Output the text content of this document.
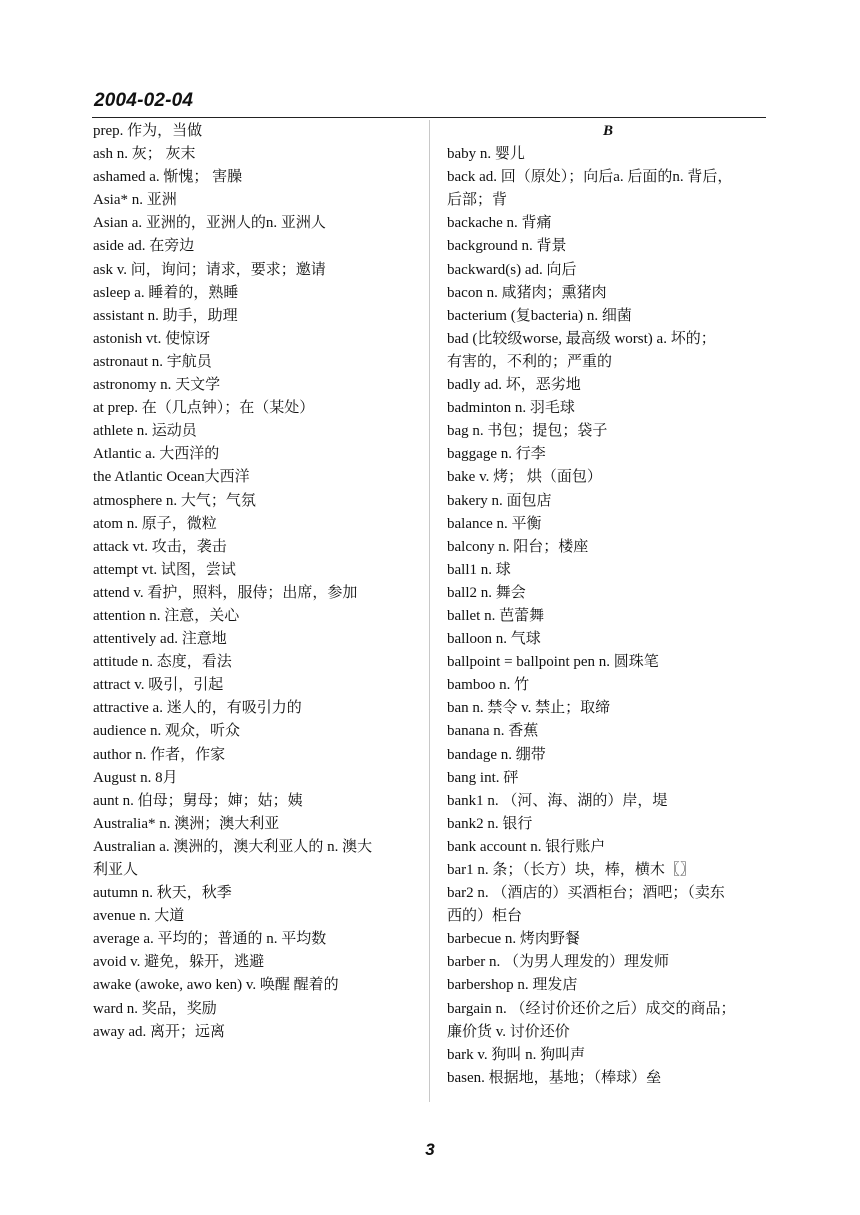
2004-02-04
prep. 作为，当做
ash n. 灰； 灰末
ashamed a. 惭愧； 害臊
Asia* n. 亚洲
Asian a. 亚洲的，亚洲人的n. 亚洲人
aside ad. 在旁边
ask v. 问，询问；请求，要求；邀请
asleep a. 睡着的，熟睡
assistant n. 助手，助理
astonish vt. 使惊讶
astronaut n. 宇航员
astronomy n. 天文学
at prep. 在（几点钟）；在（某处）
athlete n. 运动员
Atlantic a. 大西洋的
the Atlantic Ocean大西洋
atmosphere n. 大气；气氛
atom n. 原子，微粒
attack vt. 攻击，袭击
attempt vt. 试图，尝试
attend v. 看护，照料，服侍；出席，参加
attention n. 注意，关心
attentively ad. 注意地
attitude n. 态度，看法
attract v. 吸引，引起
attractive a. 迷人的，有吸引力的
audience n. 观众，听众
author n. 作者，作家
August n. 8月
aunt n. 伯母；舅母；婶；姑；姨
Australia* n. 澳洲；澳大利亚
Australian a. 澳洲的，澳大利亚人的 n. 澳大
利亚人
autumn n. 秋天，秋季
avenue n. 大道
average a. 平均的；普通的 n. 平均数
avoid v. 避免，躲开，逃避
awake (awoke, awo ken) v. 唤醒 醒着的
ward n. 奖品，奖励
away ad. 离开；远离
B
baby n. 婴儿
back ad. 回（原处）；向后a. 后面的n. 背后，
后部；背
backache n. 背痛
background n. 背景
backward(s) ad. 向后
bacon n. 咸猪肉；熏猪肉
bacterium (复bacteria) n. 细菌
bad (比较级worse, 最高级 worst) a. 坏的；
有害的，不利的；严重的
badly ad. 坏，恶劣地
badminton n. 羽毛球
bag n. 书包；提包；袋子
baggage n. 行李
bake v. 烤； 烘（面包）
bakery n. 面包店
balance n. 平衡
balcony n. 阳台；楼座
ball1 n. 球
ball2 n. 舞会
ballet n. 芭蕾舞
balloon n. 气球
ballpoint = ballpoint pen n. 圆珠笔
bamboo n. 竹
ban n. 禁令 v. 禁止；取缔
banana n. 香蕉
bandage n. 绷带
bang int. 砰
bank1 n. （河、海、湖的）岸，堤
bank2 n. 银行
bank account n. 银行账户
bar1 n. 条；（长方）块，棒，横木〖〗
bar2 n. （酒店的）买酒柜台；酒吧；（卖东
西的）柜台
barbecue n. 烤肉野餐
barber n. （为男人理发的）理发师
barbershop n. 理发店
bargain n. （经讨价还价之后）成交的商品；
廉价货 v. 讨价还价
bark v. 狗叫 n. 狗叫声
basen. 根据地，基地；（棒球）垒
3
